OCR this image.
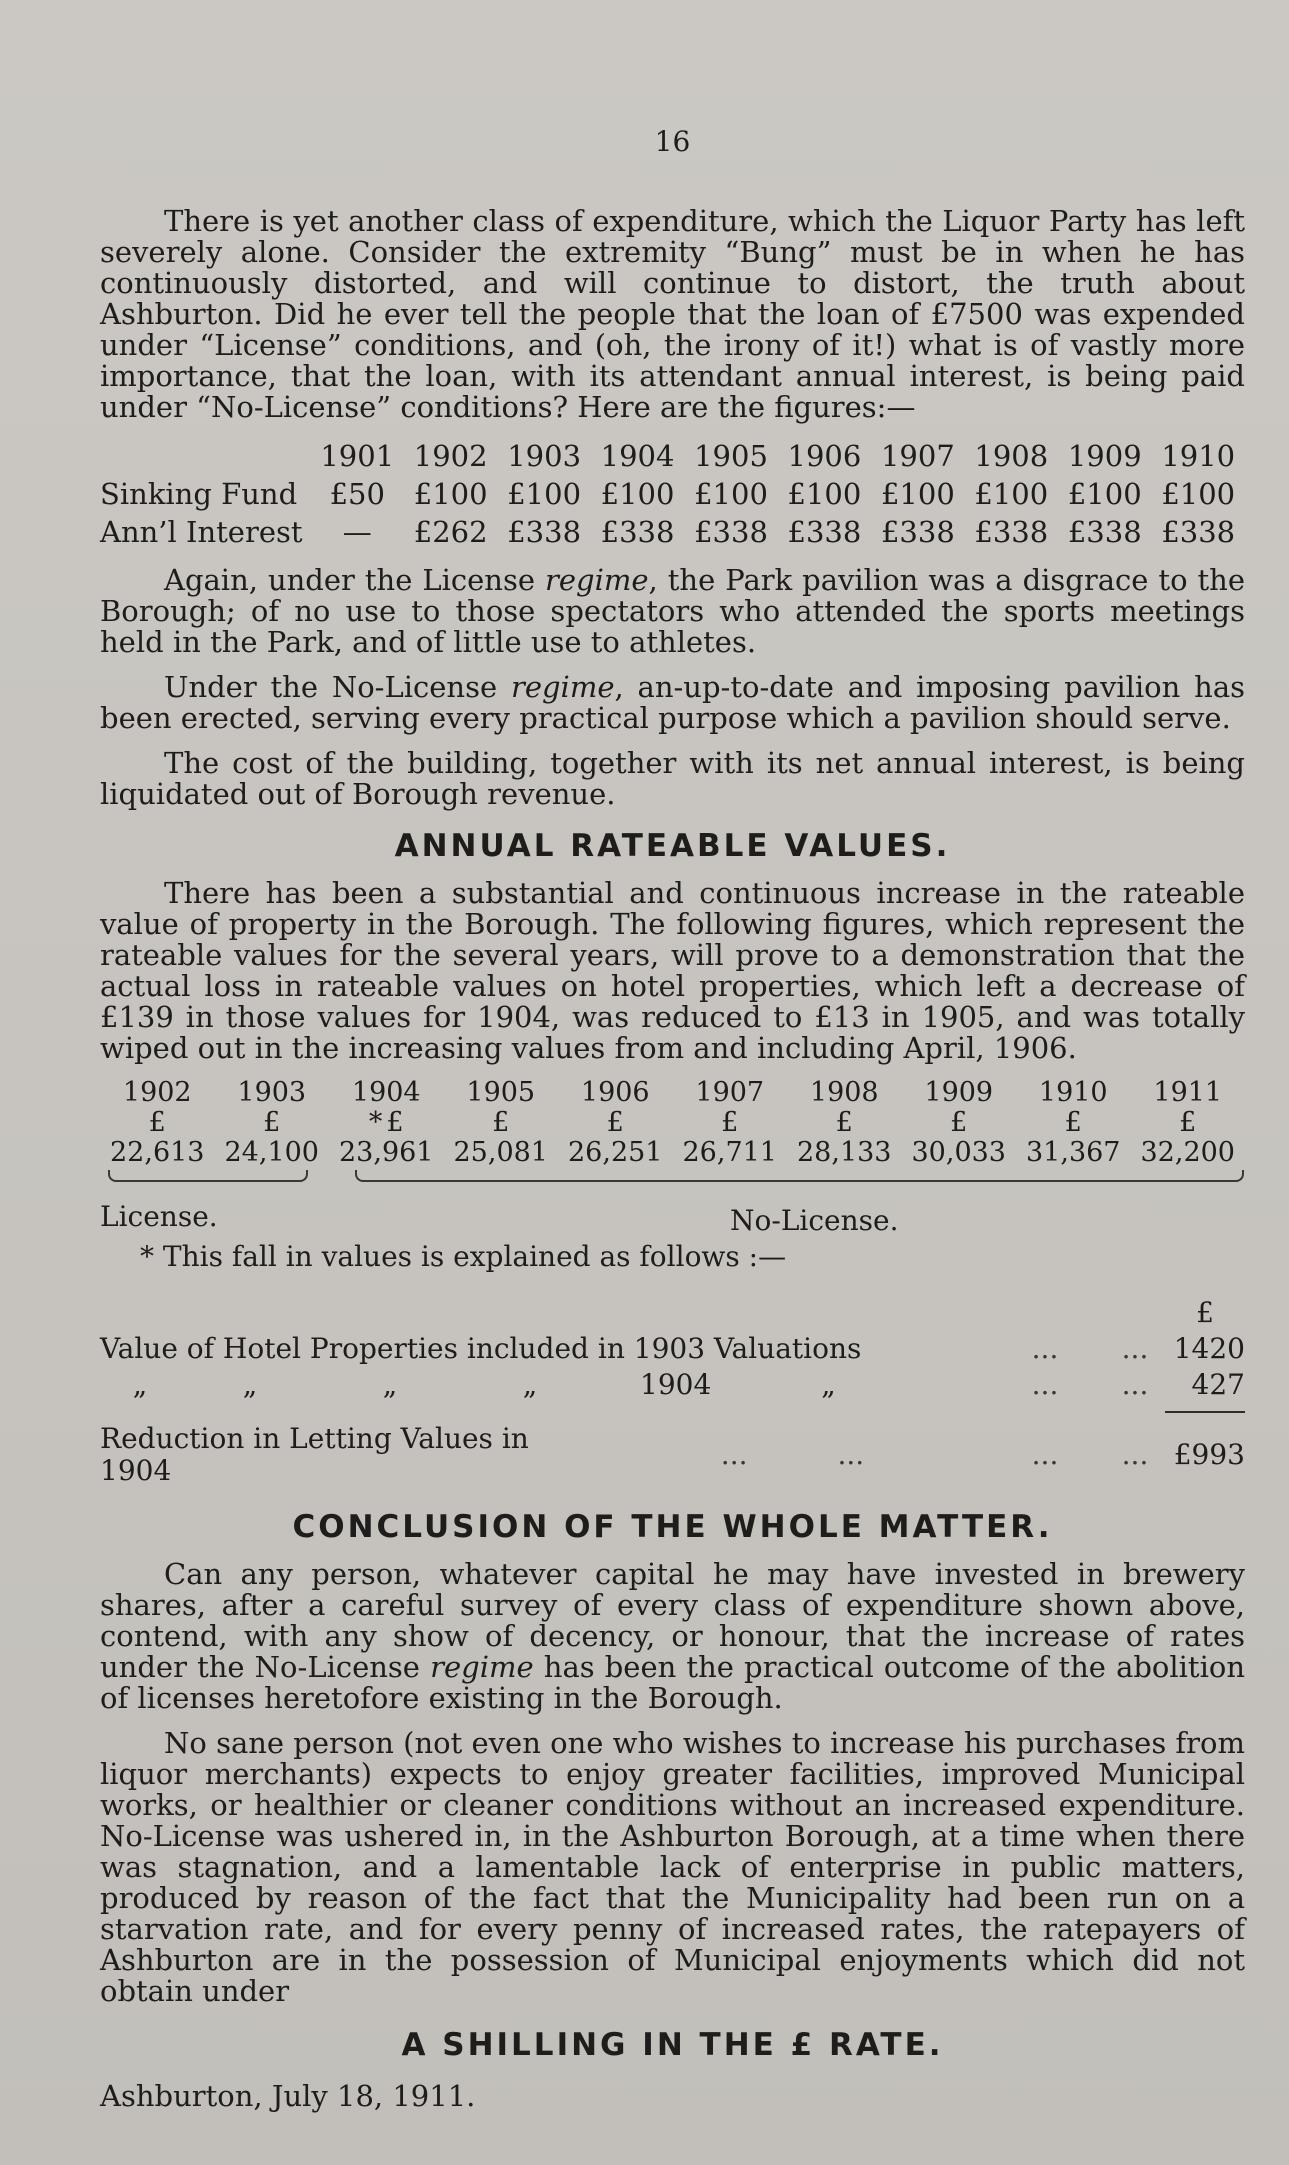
16

There is yet another class of expenditure, which the Liquor Party has left severely alone. Consider the extremity “Bung” must be in when he has continuously distorted, and will continue to distort, the truth about Ashburton. Did he ever tell the people that the loan of £7500 was expended under “License” conditions, and (oh, the irony of it!) what is of vastly more importance, that the loan, with its attendant annual interest, is being paid under “No-License” conditions? Here are the figures:—

	1901	1902	1903	1904	1905	1906	1907	1908	1909	1910
Sinking Fund	£50	£100	£100	£100	£100	£100	£100	£100	£100	£100
Ann’l Interest	—	£262	£338	£338	£338	£338	£338	£338	£338	£338

Again, under the License regime, the Park pavilion was a disgrace to the Borough; of no use to those spectators who attended the sports meetings held in the Park, and of little use to athletes.

Under the No-License regime, an-up-to-date and imposing pavilion has been erected, serving every practical purpose which a pavilion should serve.

The cost of the building, together with its net annual interest, is being liquidated out of Borough revenue.

ANNUAL RATEABLE VALUES.

There has been a substantial and continuous increase in the rateable value of property in the Borough. The following figures, which represent the rateable values for the several years, will prove to a demonstration that the actual loss in rateable values on hotel properties, which left a decrease of £139 in those values for 1904, was reduced to £13 in 1905, and was totally wiped out in the increasing values from and including April, 1906.

1902	1903	1904	1905	1906	1907	1908	1909	1910	1911
£	£	* £	£	£	£	£	£	£	£
22,613	24,100	23,961	25,081	26,251	26,711	28,133	30,033	31,367	32,200
License.	No-License.
* This fall in values is explained as follows :—
							£
Value of Hotel Properties included in 1903 Valuations					...	...	1420
„	„	„	„	1904 „	...	...	427

Reduction in Letting Values in 1904				... ...	...	...	£993
CONCLUSION OF THE WHOLE MATTER.

Can any person, whatever capital he may have invested in brewery shares, after a careful survey of every class of expenditure shown above, contend, with any show of decency, or honour, that the increase of rates under the No-License regime has been the practical outcome of the abolition of licenses heretofore existing in the Borough.

No sane person (not even one who wishes to increase his purchases from liquor merchants) expects to enjoy greater facilities, improved Municipal works, or healthier or cleaner conditions without an increased expenditure. No-License was ushered in, in the Ashburton Borough, at a time when there was stagnation, and a lamentable lack of enterprise in public matters, produced by reason of the fact that the Municipality had been run on a starvation rate, and for every penny of increased rates, the ratepayers of Ashburton are in the possession of Municipal enjoyments which did not obtain under

A SHILLING IN THE £ RATE.
Ashburton, July 18, 1911.
